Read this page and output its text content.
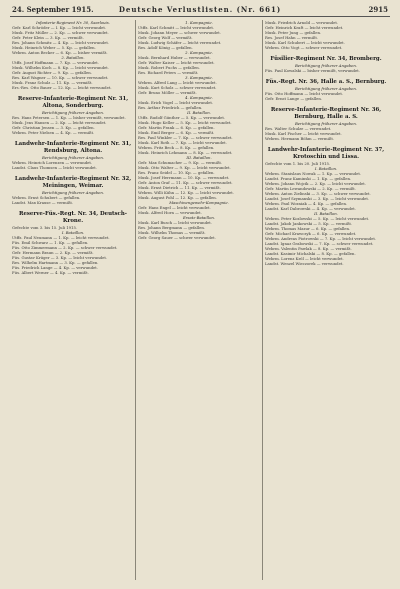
24. September 1915.	Deutsche Verlustlisten. (Nr. 661)	2915
Infanterie-Regiment Nr. 30, Saarlouis.
Gefr. Karl Schröder — I. Kp. — leicht verwundet.
Musk. Fritz Müller — 2. Kp. — schwer verwundet.
Gefr. Peter Klein — 3. Kp. — vermißt.
Res. Johann Schmitz — 4. Kp. — leicht verwundet.
Musk. Heinrich Weber — 5. Kp. — gefallen.
Wehrm. Anton Becker — 6. Kp. — bisher vermißt.
2. Bataillon.
Utffz. Josef Hoffmann — 7. Kp. — verwundet.
Musk. Wilhelm Koch — 8. Kp. — leicht verwundet.
Gefr. August Richter — 9. Kp. — gefallen.
Res. Karl Wagner — 10. Kp. — schwer verwundet.
Musk. Franz Schulz — 11. Kp. — vermißt.
Ers.-Res. Otto Bauer — 12. Kp. — leicht verwundet.
Reserve-Infanterie-Regiment Nr. 31, Altona, Sonderburg.
Berichtigung früherer Angaben.
Res. Hans Petersen — 1. Kp. — bisher vermißt, verwundet.
Musk. Jens Hansen — 2. Kp. — leicht verwundet.
Gefr. Christian Jensen — 3. Kp. — gefallen.
Wehrm. Peter Nielsen — 4. Kp. — vermißt.
Landwehr-Infanterie-Regiment Nr. 31, Rendsburg, Altona.
Berichtigung früherer Angaben.
Wehrm. Heinrich Lorenzen — verwundet.
Landst. Claus Thomsen — leicht verwundet.
Landwehr-Infanterie-Regiment Nr. 32, Meiningen, Weimar.
Berichtigung früherer Angaben.
Wehrm. Ernst Schubert — gefallen.
Landst. Max Krause — vermißt.
Reserve-Füs.-Regt. Nr. 34, Deutsch-Krone.
Gefechte vom 3. bis 15. Juli 1915.
I. Bataillon.
Utffz. Paul Neumann — 1. Kp. — leicht verwundet.
Füs. Emil Schwarz — 1. Kp. — gefallen.
Füs. Otto Zimmermann — 2. Kp. — schwer verwundet.
Gefr. Hermann Braun — 2. Kp. — vermißt.
Füs. Gustav Krüger — 3. Kp. — leicht verwundet.
Res. Wilhelm Hartmann — 3. Kp. — gefallen.
Füs. Friedrich Lange — 4. Kp. — verwundet.
Füs. Albert Werner — 4. Kp. — vermißt.
1. Kompagnie.
Utffz. Karl Schmitt — leicht verwundet.
Musk. Johann Meyer — schwer verwundet.
Gefr. Georg Wolf — vermißt.
Musk. Ludwig Schäfer — leicht verwundet.
Res. Adolf König — gefallen.
2. Kompagnie.
Musk. Bernhard Huber — verwundet.
Gefr. Walter Kaiser — leicht verwundet.
Musk. Robert Fuchs — gefallen.
Res. Richard Peters — vermißt.
3. Kompagnie.
Wehrm. Alfred Lang — leicht verwundet.
Musk. Kurt Scholz — schwer verwundet.
Gefr. Bruno Möller — vermißt.
4. Kompagnie.
Musk. Erich Vogel — leicht verwundet.
Res. Arthur Friedrich — gefallen.
II. Bataillon.
Utffz. Rudolf Günther — 5. Kp. — verwundet.
Musk. Hugo Keller — 5. Kp. — leicht verwundet.
Gefr. Martin Frank — 6. Kp. — gefallen.
Musk. Emil Berger — 6. Kp. — vermißt.
Res. Paul Winkler — 7. Kp. — schwer verwundet.
Musk. Karl Roth — 7. Kp. — leicht verwundet.
Wehrm. Fritz Beck — 8. Kp. — gefallen.
Musk. Heinrich Lehmann — 8. Kp. — verwundet.
III. Bataillon.
Gefr. Max Schumacher — 9. Kp. — vermißt.
Musk. Otto Walter — 9. Kp. — leicht verwundet.
Res. Franz Seidel — 10. Kp. — gefallen.
Musk. Josef Herrmann — 10. Kp. — verwundet.
Gefr. Anton Graf — 11. Kp. — schwer verwundet.
Musk. Ernst Dietrich — 11. Kp. — vermißt.
Wehrm. Willi Kühn — 12. Kp. — leicht verwundet.
Musk. August Pohl — 12. Kp. — gefallen.
Maschinengewehr-Kompagnie.
Gefr. Hans Engel — leicht verwundet.
Musk. Alfred Horn — verwundet.
Ersatz-Bataillon.
Musk. Karl Busch — leicht verwundet.
Res. Johann Bergmann — gefallen.
Musk. Wilhelm Thomas — vermißt.
Gefr. Georg Sauer — schwer verwundet.
Musk. Friedrich Arnold — verwundet.
Gefr. Heinrich Kraft — leicht verwundet.
Musk. Peter Jung — gefallen.
Res. Josef Hahn — vermißt.
Musk. Karl Schubert — leicht verwundet.
Wehrm. Otto Vogt — schwer verwundet.
Füsilier-Regiment Nr. 34, Bromberg.
Berichtigung früherer Angaben.
Füs. Paul Kowalski — bisher vermißt, verwundet.
Füs.-Regt. Nr. 36, Halle a. S., Bernburg.
Berichtigung früherer Angaben.
Füs. Otto Hoffmann — leicht verwundet.
Gefr. Ernst Lange — gefallen.
Reserve-Infanterie-Regiment Nr. 36, Bernburg, Halle a. S.
Berichtigung früherer Angaben.
Res. Walter Schulze — verwundet.
Musk. Karl Fischer — leicht verwundet.
Wehrm. Hermann Böhm — vermißt.
Landwehr-Infanterie-Regiment Nr. 37, Krotoschin und Lissa.
Gefechte vom 1. bis 20. Juli 1915.
I. Bataillon.
Wehrm. Stanislaus Nowak — 1. Kp. — verwundet.
Landst. Franz Kaminski — 1. Kp. — gefallen.
Wehrm. Johann Wojcik — 2. Kp. — leicht verwundet.
Gefr. Martin Lewandowski — 2. Kp. — vermißt.
Wehrm. Anton Zielinski — 3. Kp. — schwer verwundet.
Landst. Josef Szymanski — 3. Kp. — leicht verwundet.
Wehrm. Paul Wozniak — 4. Kp. — gefallen.
Landst. Karl Dabrowski — 4. Kp. — verwundet.
II. Bataillon.
Wehrm. Peter Kozlowski — 5. Kp. — leicht verwundet.
Landst. Jakob Jankowski — 5. Kp. — vermißt.
Wehrm. Thomas Mazur — 6. Kp. — gefallen.
Gefr. Michael Krawczyk — 6. Kp. — verwundet.
Wehrm. Andreas Piotrowski — 7. Kp. — leicht verwundet.
Landst. Ignaz Grabowski — 7. Kp. — schwer verwundet.
Wehrm. Valentin Pawlak — 8. Kp. — vermißt.
Landst. Kasimir Michalski — 8. Kp. — gefallen.
Wehrm. Lorenz Król — leicht verwundet.
Landst. Wenzel Wieczorek — verwundet.
